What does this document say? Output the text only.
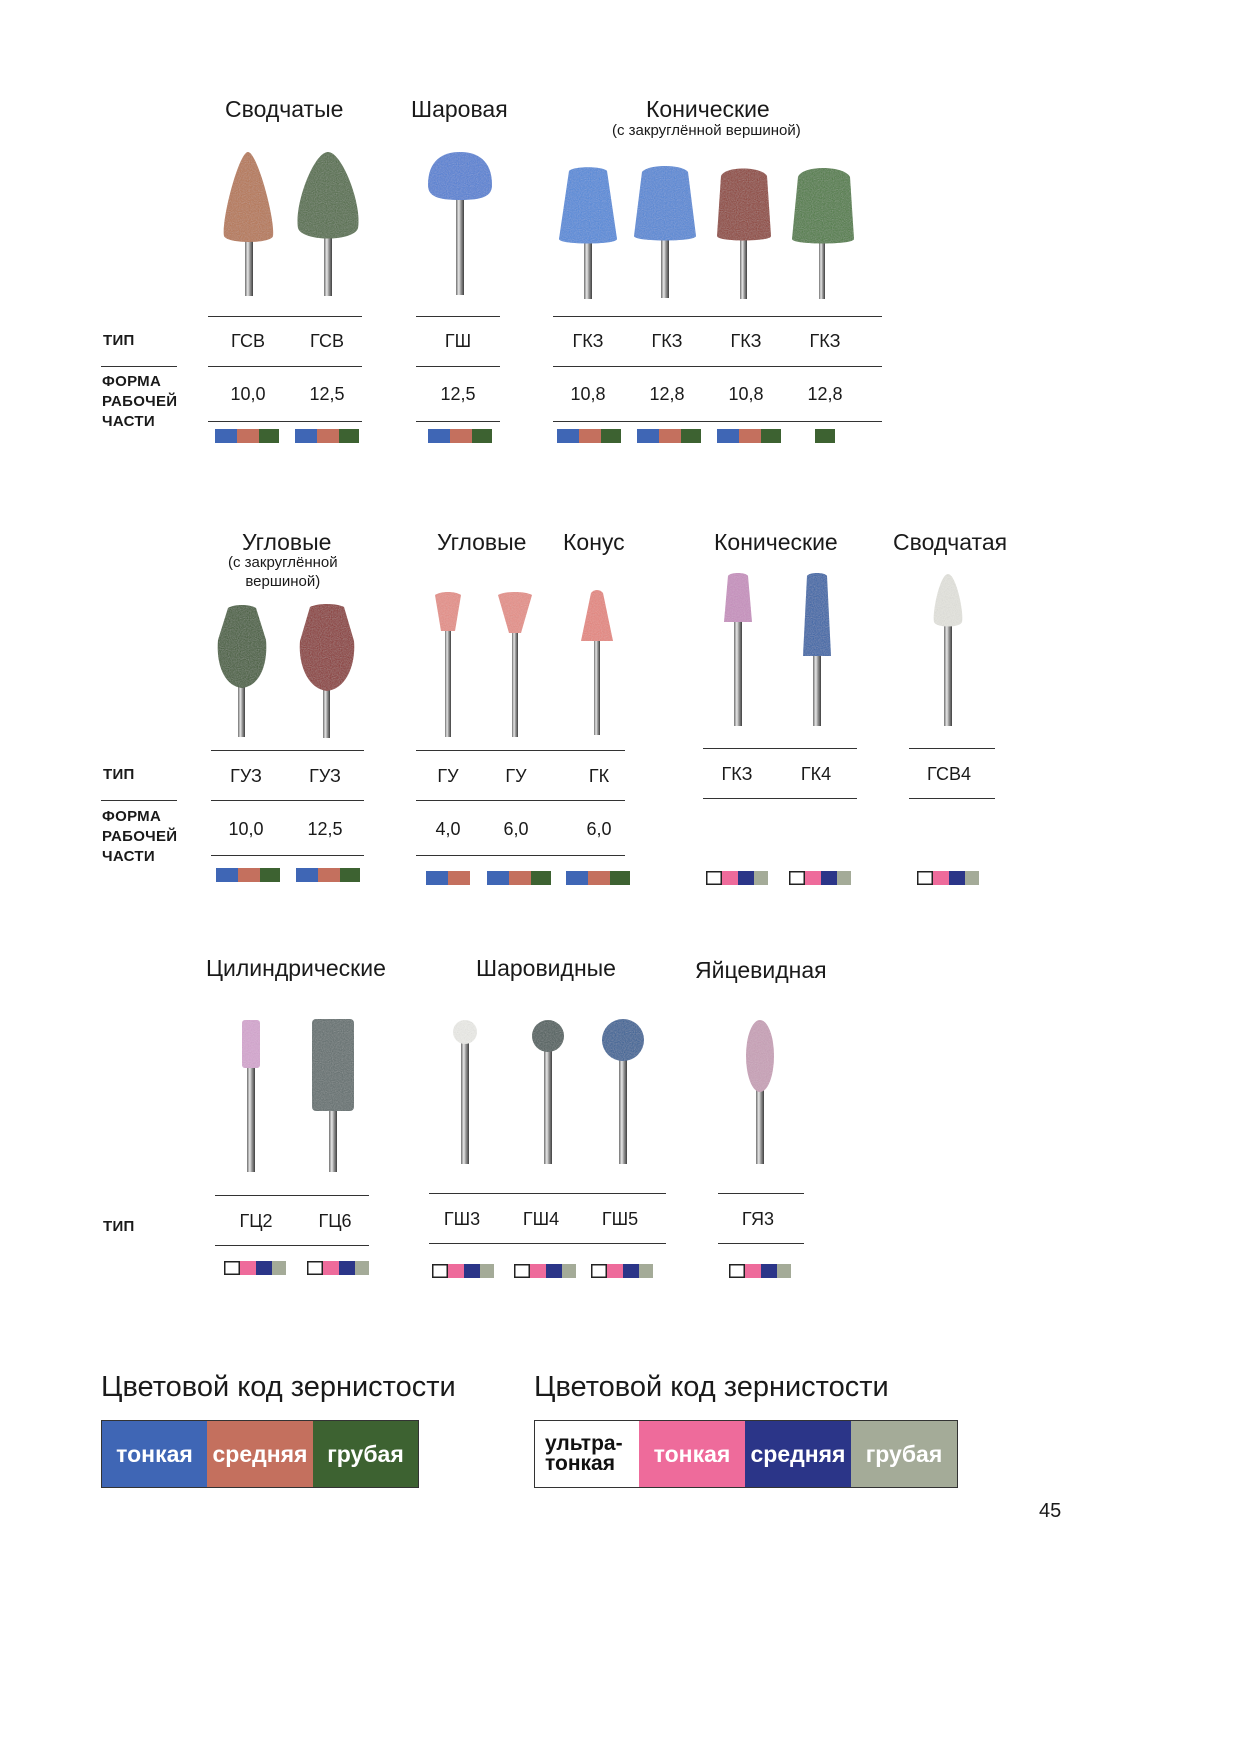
Сводчатые	Шаровая	Конические
(с закруглённой вершиной)
ТИП
ФОРМА
РАБОЧЕЙ
ЧАСТИ
ГСВ	ГСВ	ГШ	ГКЗ	ГКЗ	ГКЗ	ГКЗ
10,0	12,5	12,5	10,8	12,8	10,8	12,8
Угловые
(с закруглённой
вершиной)
Угловые Конус	Конические Сводчатая
ТИП
ФОРМА
РАБОЧЕЙ
ЧАСТИ
ГУЗ	ГУЗ	ГУ	ГУ	ГК	ГКЗ	ГК4	ГСВ4
10,0	12,5	4,0	6,0	6,0
Цилиндрические	Шаровидные	Яйцевидная
ТИП	ГЦ2	ГЦ6	ГШ3	ГШ4	ГШ5	ГЯ3
Цветовой код зернистости
тонкая средняя грубая
Цветовой код зернистости
ультра-
тонкая	тонкая средняя грубая
45
